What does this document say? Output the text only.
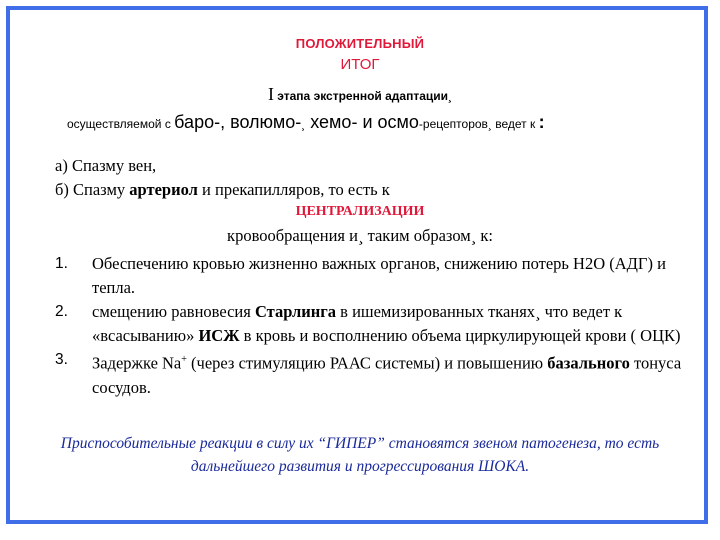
ПОЛОЖИТЕЛЬНЫЙ
ИТОГ
I этапа экстренной адаптации¸
осуществляемой с баро-, волюмо-¸ хемо- и осмо-рецепторов¸ ведет к :
а) Спазму вен,
б) Спазму артериол и прекапилляров, то есть к
ЦЕНТРАЛИЗАЦИИ
кровообращения и¸ таким образом¸ к:
1. Обеспечению кровью жизненно важных органов, снижению потерь Н2О (АДГ) и тепла.
2. смещению равновесия Старлинга в ишемизированных тканях¸ что ведет к «всасыванию» ИСЖ в кровь и восполнению объема циркулирующей крови ( ОЦК)
3. Задержке Na+ (через стимуляцию РААС системы) и повышению базального тонуса сосудов.
Приспособительные реакции в силу их “ГИПЕР” становятся звеном патогенеза, то есть дальнейшего развития и прогрессирования ШОКА.
